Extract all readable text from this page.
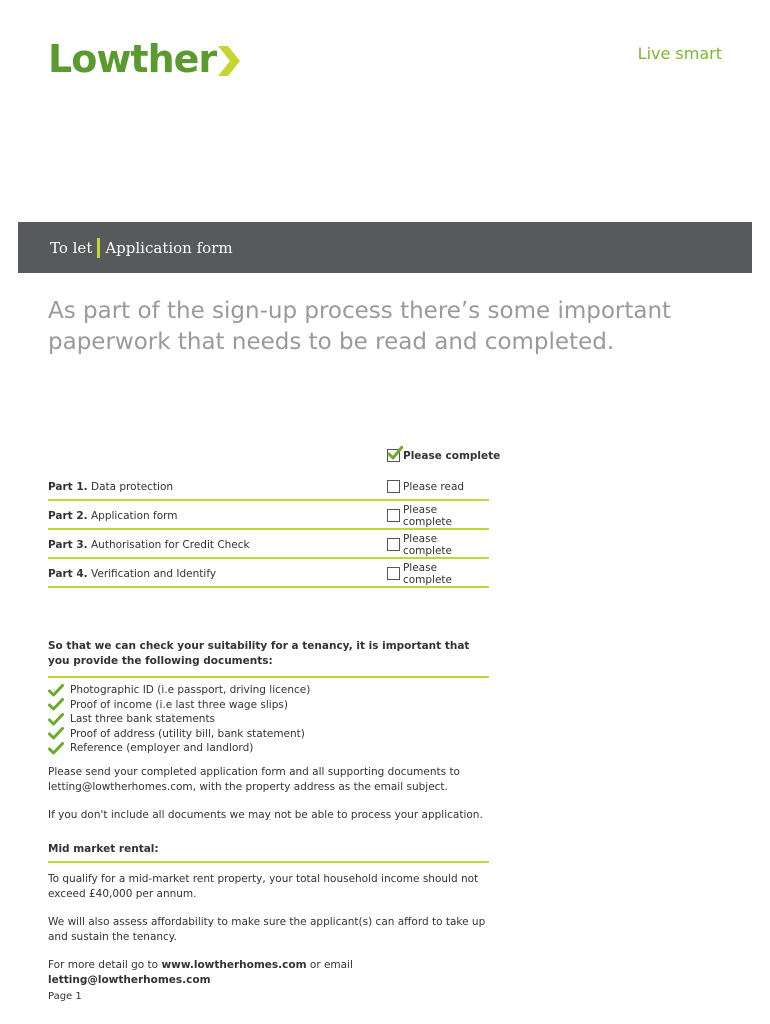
Lowther	Live smart
To let Application form
As part of the sign-up process there’s some important paperwork that needs to be read and completed.
Please complete
Part 1. Data protection	Please read
Part 2. Application form	Please complete
Part 3. Authorisation for Credit Check	Please complete
Part 4. Verification and Identify	Please complete
So that we can check your suitability for a tenancy, it is important that you provide the following documents:
Photographic ID (i.e passport, driving licence)
Proof of income (i.e last three wage slips)
Last three bank statements
Proof of address (utility bill, bank statement)
Reference (employer and landlord)
Please send your completed application form and all supporting documents to letting@lowtherhomes.com, with the property address as the email subject.
If you don't include all documents we may not be able to process your application.
Mid market rental:
To qualify for a mid-market rent property, your total household income should not exceed £40,000 per annum.
We will also assess affordability to make sure the applicant(s) can afford to take up and sustain the tenancy.
For more detail go to www.lowtherhomes.com or email letting@lowtherhomes.com
Page 1
